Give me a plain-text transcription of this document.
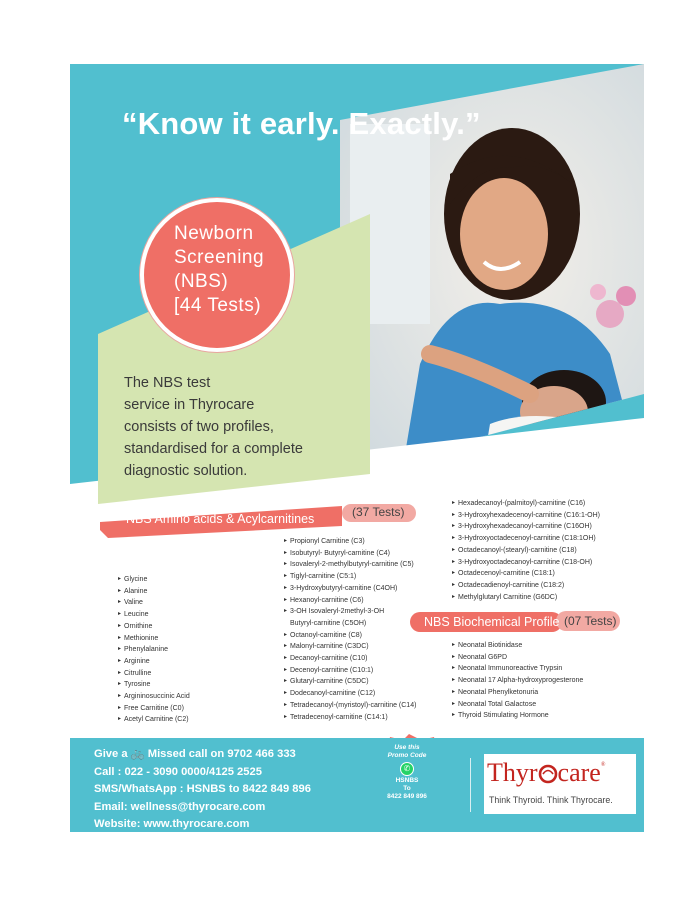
“Know it early. Exactly.”
Newborn
Screening
(NBS)
[44 Tests)

The NBS test

service in Thyrocare

consists of two profiles,

standardised for a complete

diagnostic solution.

NBS Amino acids & Acylcarnitines	(37 Tests)
NBS Biochemical Profile (07 Tests)
▸ Glycine
▸ Alanine
▸ Valine
▸ Leucine
▸ Ornithine
▸ Methionine
▸ Phenylalanine
▸ Arginine
▸ Citrulline
▸ Tyrosine
▸ Argininosuccinic Acid
▸ Free Carnitine (C0)
▸ Acetyl Carnitine (C2)
▸ Propionyl Carnitine (C3)
▸ Isobutyryl- Butyryl-carnitine (C4)
▸ Isovaleryl-2-methylbutyryl-carnitine (C5)
▸ Tiglyl-carnitine (C5:1)
▸ 3-Hydroxybutyryl-carnitine (C4OH)
▸ Hexanoyl-carnitine (C6)
▸ 3-OH Isovaleryl-2methyl-3-OH
Butyryl-carnitine (C5OH)
▸ Octanoyl-carnitine (C8)
▸ Malonyl-carnitine (C3DC)
▸ Decanoyl-carnitine (C10)
▸ Decenoyl-carnitine (C10:1)
▸ Glutaryl-carnitine (C5DC)
▸ Dodecanoyl-carnitine (C12)
▸ Tetradecanoyl-(myristoyl)-carnitine (C14)
▸ Tetradecenoyl-carnitine (C14:1)
▸ Hexadecanoyl-(palmitoyl)-carnitine (C16)
▸ 3-Hydroxyhexadecenoyl-carnitine (C16:1-OH)
▸ 3-Hydroxyhexadecanoyl-carnitine (C16OH)
▸ 3-Hydroxyoctadecenoyl-carnitine (C18:1OH)
▸ Octadecanoyl-(stearyl)-carnitine (C18)
▸ 3-Hydroxyoctadecanoyl-carnitine (C18-OH)
▸ Octadecenoyl-carnitine (C18:1)
▸ Octadecadienoyl-carnitine (C18:2)
▸ Methylglutaryl Carnitine (G6DC)
▸ Neonatal Biotinidase
▸ Neonatal G6PD
▸ Neonatal Immunoreactive Trypsin
▸ Neonatal 17 Alpha-hydroxyprogesterone
▸ Neonatal Phenylketonuria
▸ Neonatal Total Galactose
▸ Thyroid Stimulating Hormone
Give a 🚲 Missed call on 9702 466 333
Call : 022 - 3090 0000/4125 2525
SMS/WhatsApp : HSNBS to 8422 849 896
Email: wellness@thyrocare.com
Website: www.thyrocare.com
Use this
Promo Code
✆
HSNBS
To
8422 849 896
Thyr care®
Think Thyroid. Think Thyrocare.
